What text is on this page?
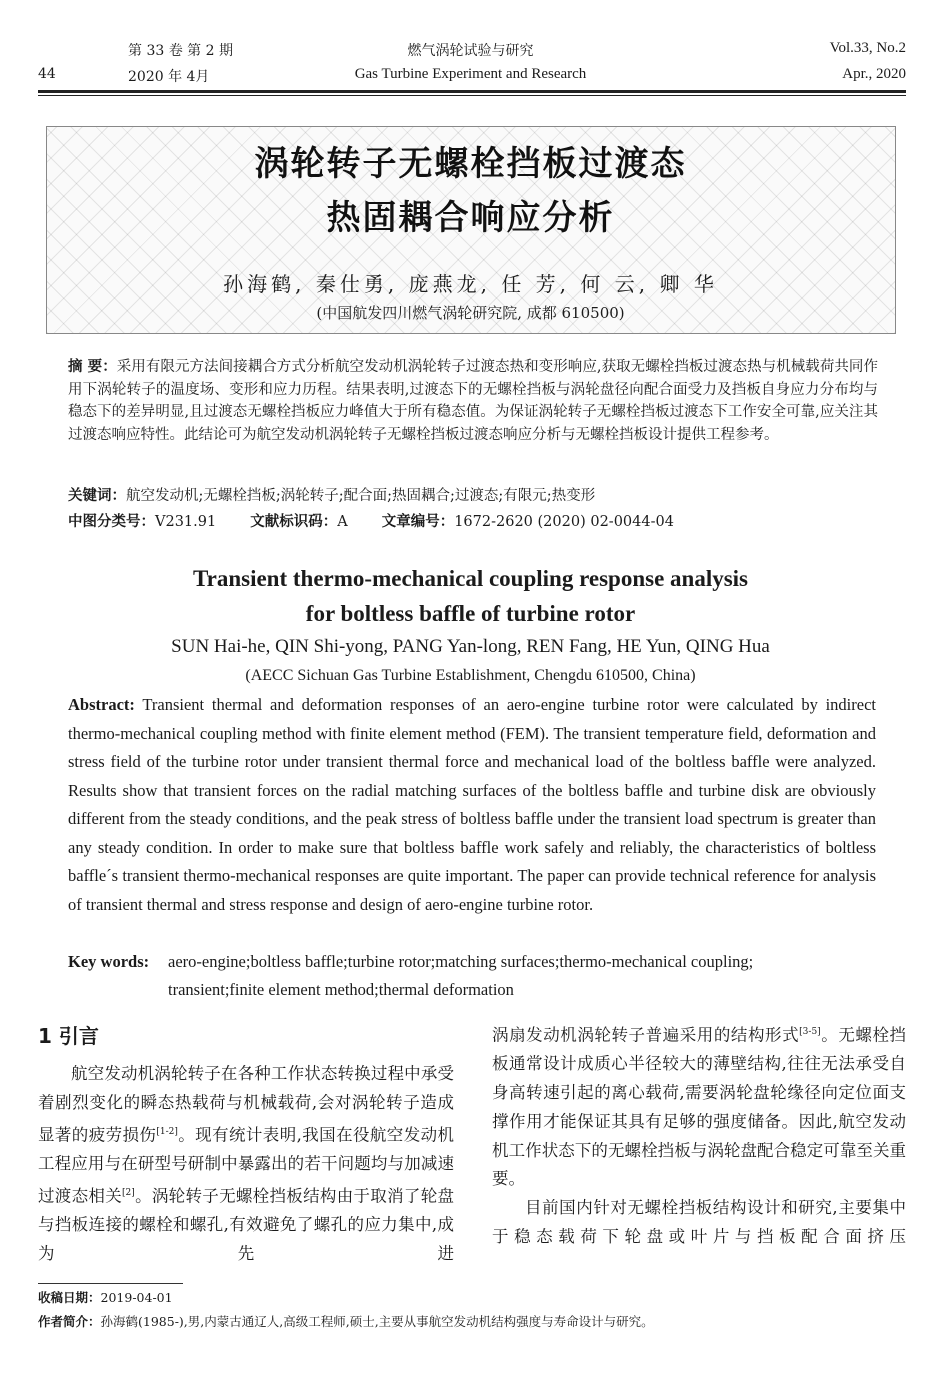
44
第 33 卷 第 2 期
2020 年 4月
燃气涡轮试验与研究
Gas Turbine Experiment and Research
Vol.33, No.2
Apr., 2020
涡轮转子无螺栓挡板过渡态
热固耦合响应分析
孙海鹤, 秦仕勇, 庞燕龙, 任 芳, 何 云, 卿 华
(中国航发四川燃气涡轮研究院, 成都 610500)
摘 要：采用有限元方法间接耦合方式分析航空发动机涡轮转子过渡态热和变形响应,获取无螺栓挡板过渡态热与机械载荷共同作用下涡轮转子的温度场、变形和应力历程。结果表明,过渡态下的无螺栓挡板与涡轮盘径向配合面受力及挡板自身应力分布均与稳态下的差异明显,且过渡态无螺栓挡板应力峰值大于所有稳态值。为保证涡轮转子无螺栓挡板过渡态下工作安全可靠,应关注其过渡态响应特性。此结论可为航空发动机涡轮转子无螺栓挡板过渡态响应分析与无螺栓挡板设计提供工程参考。
关键词：航空发动机;无螺栓挡板;涡轮转子;配合面;热固耦合;过渡态;有限元;热变形
中图分类号：V231.91 文献标识码：A 文章编号：1672-2620 (2020) 02-0044-04
Transient thermo-mechanical coupling response analysis
for boltless baffle of turbine rotor
SUN Hai-he, QIN Shi-yong, PANG Yan-long, REN Fang, HE Yun, QING Hua
(AECC Sichuan Gas Turbine Establishment, Chengdu 610500, China)
Abstract: Transient thermal and deformation responses of an aero-engine turbine rotor were calculated by indirect thermo-mechanical coupling method with finite element method (FEM). The transient temperature field, deformation and stress field of the turbine rotor under transient thermal force and mechanical load of the boltless baffle were analyzed. Results show that transient forces on the radial matching surfaces of the boltless baffle and turbine disk are obviously different from the steady conditions, and the peak stress of boltless baffle under the transient load spectrum is greater than any steady condition. In order to make sure that boltless baffle work safely and reliably, the characteristics of boltless baffle´s transient thermo-mechanical responses are quite important. The paper can provide technical reference for analysis of transient thermal and stress response and design of aero-engine turbine rotor.
Key words: aero-engine;boltless baffle;turbine rotor;matching surfaces;thermo-mechanical coupling;
transient;finite element method;thermal deformation
1 引言

航空发动机涡轮转子在各种工作状态转换过程中承受着剧烈变化的瞬态热载荷与机械载荷,会对涡轮转子造成显著的疲劳损伤[1-2]。现有统计表明,我国在役航空发动机工程应用与在研型号研制中暴露出的若干问题均与加减速过渡态相关[2]。涡轮转子无螺栓挡板结构由于取消了轮盘与挡板连接的螺栓和螺孔,有效避免了螺孔的应力集中,成为先进

涡扇发动机涡轮转子普遍采用的结构形式[3-5]。无螺栓挡板通常设计成质心半径较大的薄壁结构,往往无法承受自身高转速引起的离心载荷,需要涡轮盘轮缘径向定位面支撑作用才能保证其具有足够的强度储备。因此,航空发动机工作状态下的无螺栓挡板与涡轮盘配合稳定可靠至关重要。

目前国内针对无螺栓挡板结构设计和研究,主要集中于稳态载荷下轮盘或叶片与挡板配合面挤压

收稿日期：2019-04-01
作者简介：孙海鹤(1985-),男,内蒙古通辽人,高级工程师,硕士,主要从事航空发动机结构强度与寿命设计与研究。
